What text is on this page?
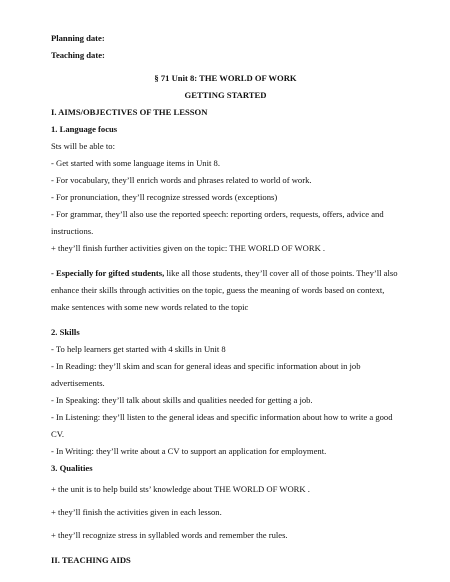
Planning date:
Teaching date:
§ 71 Unit 8: THE WORLD OF WORK
GETTING STARTED
I. AIMS/OBJECTIVES OF THE LESSON
1. Language focus
Sts will be able to:
- Get started with some language items in Unit 8.
- For vocabulary, they’ll enrich words and phrases related to world of work.
- For pronunciation, they’ll recognize stressed words (exceptions)
- For grammar, they’ll also use the reported speech: reporting orders, requests, offers, advice and instructions.
+ they’ll finish further activities given on the topic: THE WORLD OF WORK .
- Especially for gifted students, like all those students, they’ll cover all of those points. They’ll also enhance their skills through activities on the topic, guess the meaning of words based on context, make sentences with some new words related to the topic
2. Skills
- To help learners get started with 4 skills in Unit 8
- In Reading: they’ll skim and scan for general ideas and specific information about in job advertisements.
- In Speaking: they’ll talk about skills and qualities needed for getting a job.
- In Listening: they’ll listen to the general ideas and specific information about how to write a good CV.
- In Writing: they’ll write about a CV to support an application for employment.
3. Qualities
+ the unit is to help build sts’ knowledge about THE WORLD OF WORK .
+ they’ll finish the activities given in each lesson.
+ they’ll recognize stress in syllabled words and remember the rules.
II. TEACHING AIDS
